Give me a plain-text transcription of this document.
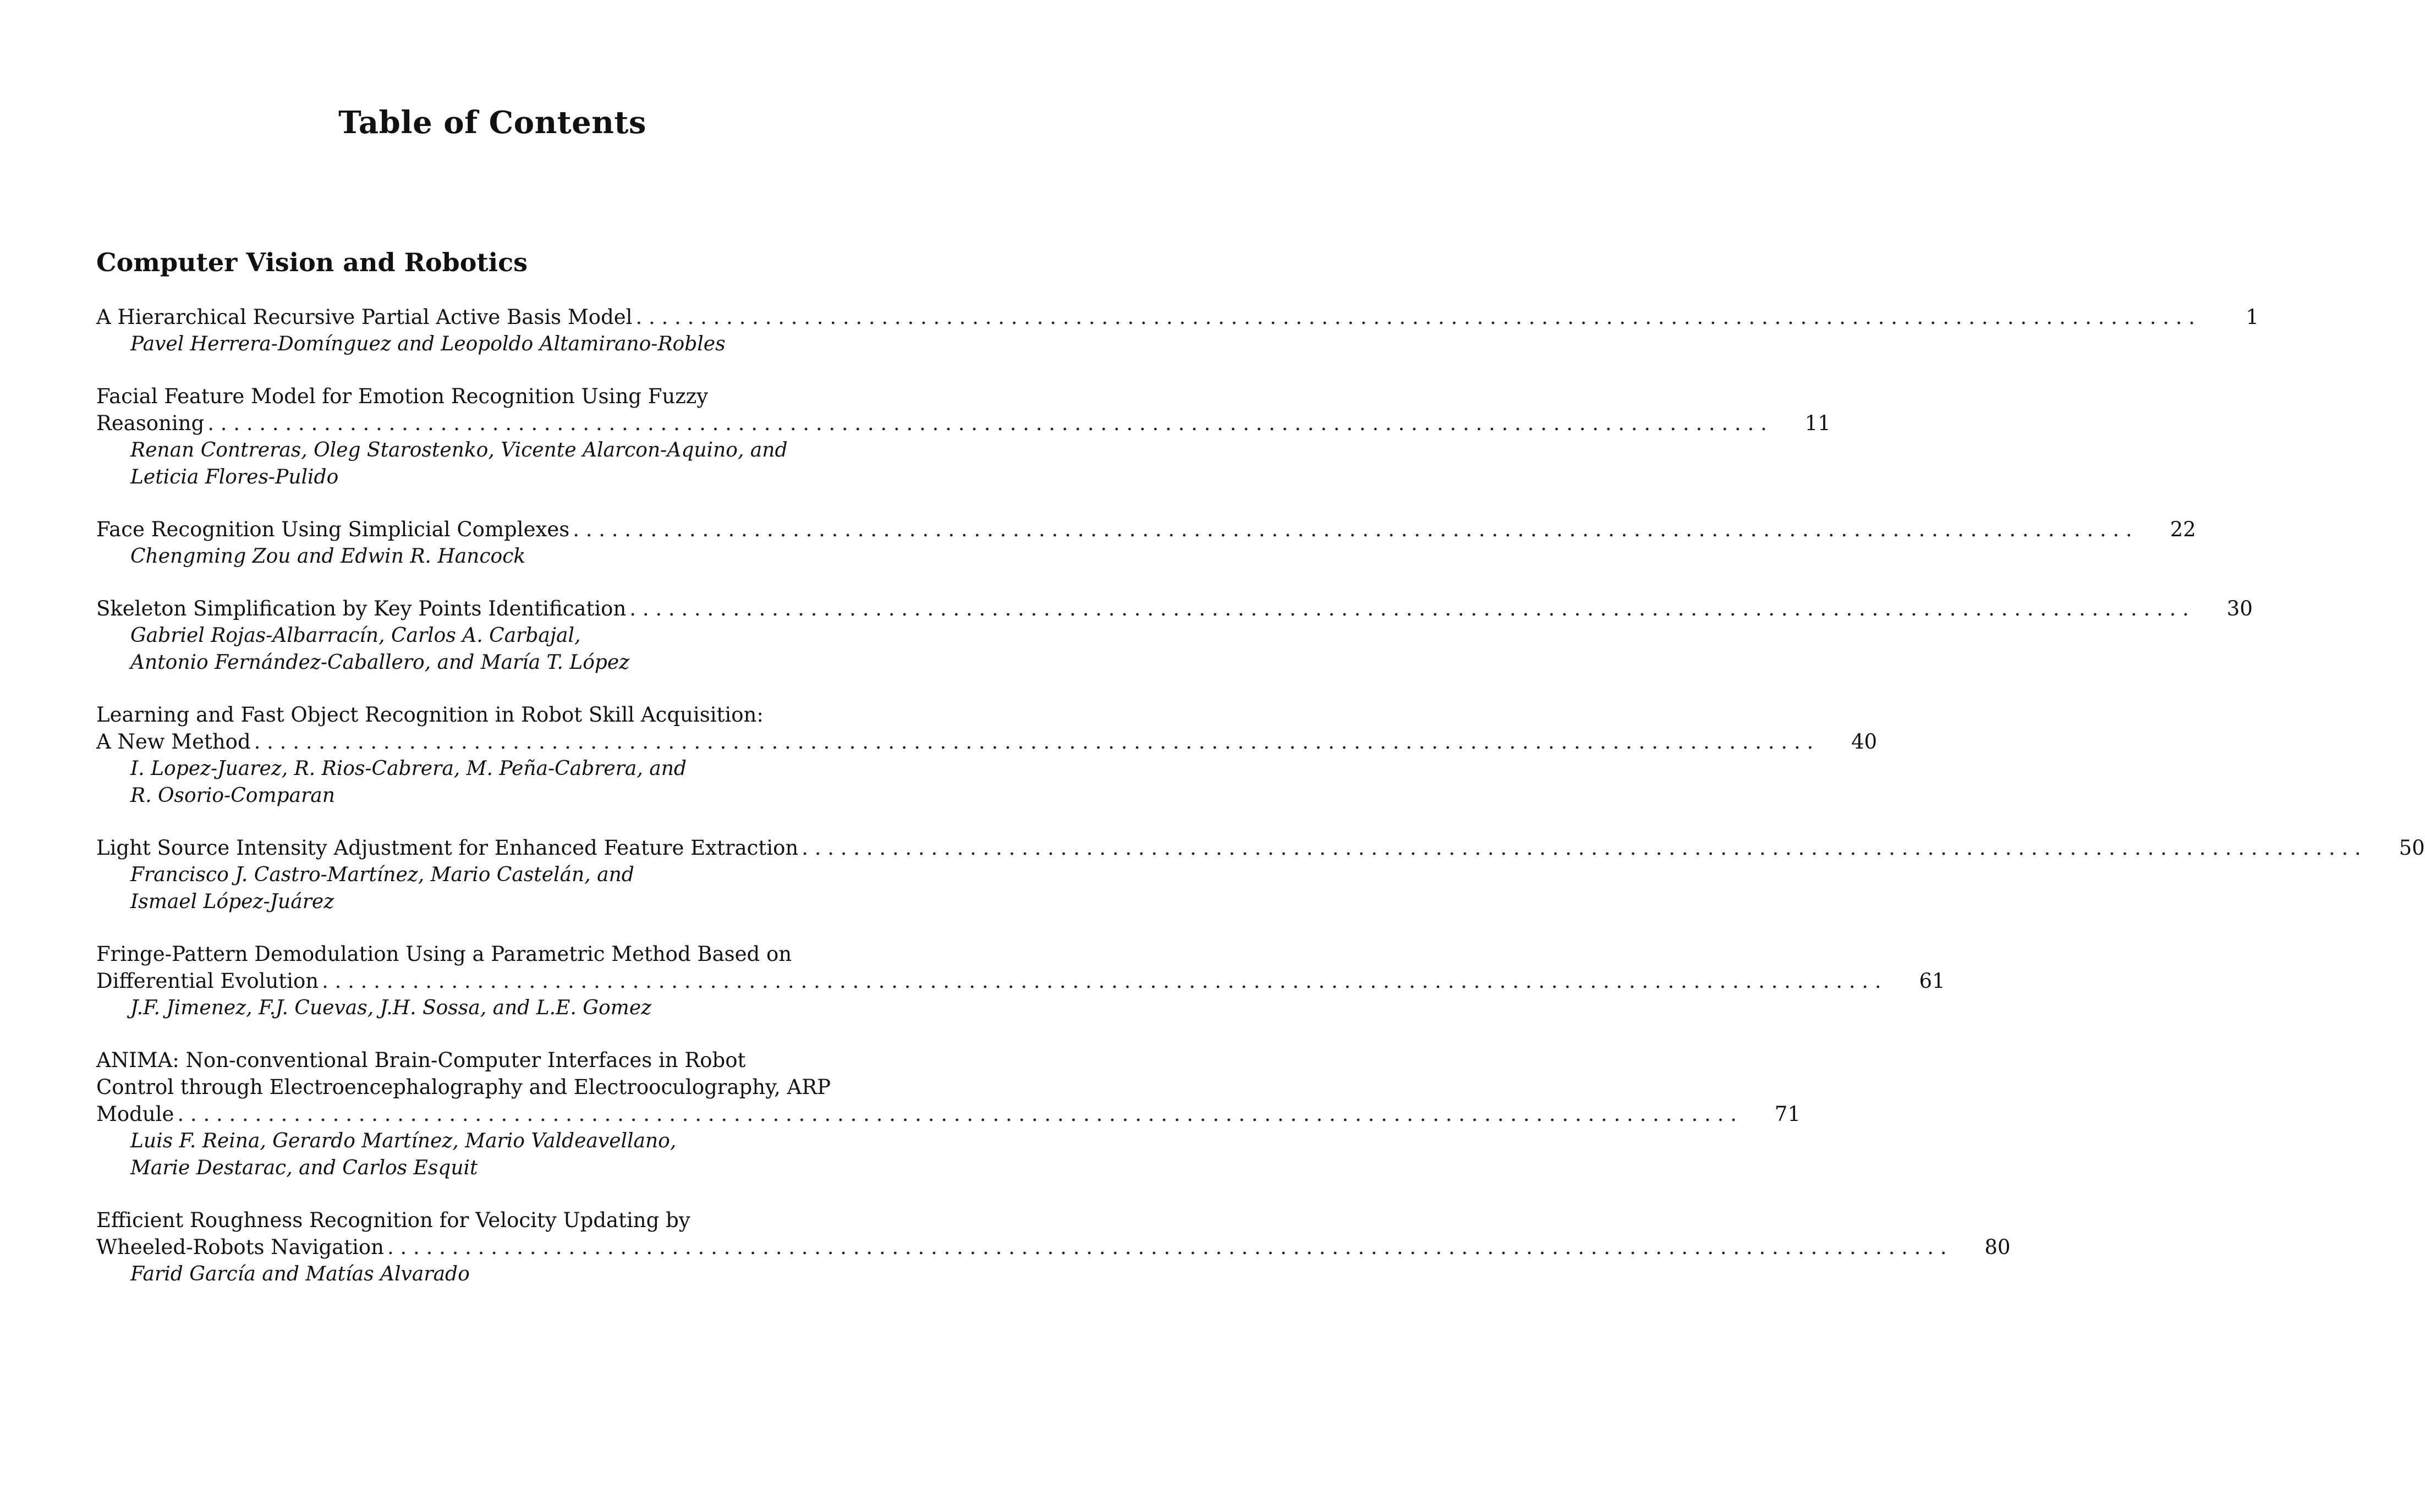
Table of Contents
Computer Vision and Robotics
A Hierarchical Recursive Partial Active Basis Model . . .	1
Pavel Herrera-Domínguez and Leopoldo Altamirano-Robles
Facial Feature Model for Emotion Recognition Using Fuzzy
Reasoning . . .	11
Renan Contreras, Oleg Starostenko, Vicente Alarcon-Aquino, and
Leticia Flores-Pulido
Face Recognition Using Simplicial Complexes . . .	22
Chengming Zou and Edwin R. Hancock
Skeleton Simplification by Key Points Identification . . .	30
Gabriel Rojas-Albarracín, Carlos A. Carbajal,
Antonio Fernández-Caballero, and María T. López
Learning and Fast Object Recognition in Robot Skill Acquisition:
A New Method . . .	40
I. Lopez-Juarez, R. Rios-Cabrera, M. Peña-Cabrera, and
R. Osorio-Comparan
Light Source Intensity Adjustment for Enhanced Feature Extraction . . .	50
Francisco J. Castro-Martínez, Mario Castelán, and
Ismael López-Juárez
Fringe-Pattern Demodulation Using a Parametric Method Based on
Differential Evolution . . .	61
J.F. Jimenez, F.J. Cuevas, J.H. Sossa, and L.E. Gomez
ANIMA: Non-conventional Brain-Computer Interfaces in Robot
Control through Electroencephalography and Electrooculography, ARP
Module . . .	71
Luis F. Reina, Gerardo Martínez, Mario Valdeavellano,
Marie Destarac, and Carlos Esquit
Efficient Roughness Recognition for Velocity Updating by
Wheeled-Robots Navigation . . .	80
Farid García and Matías Alvarado
